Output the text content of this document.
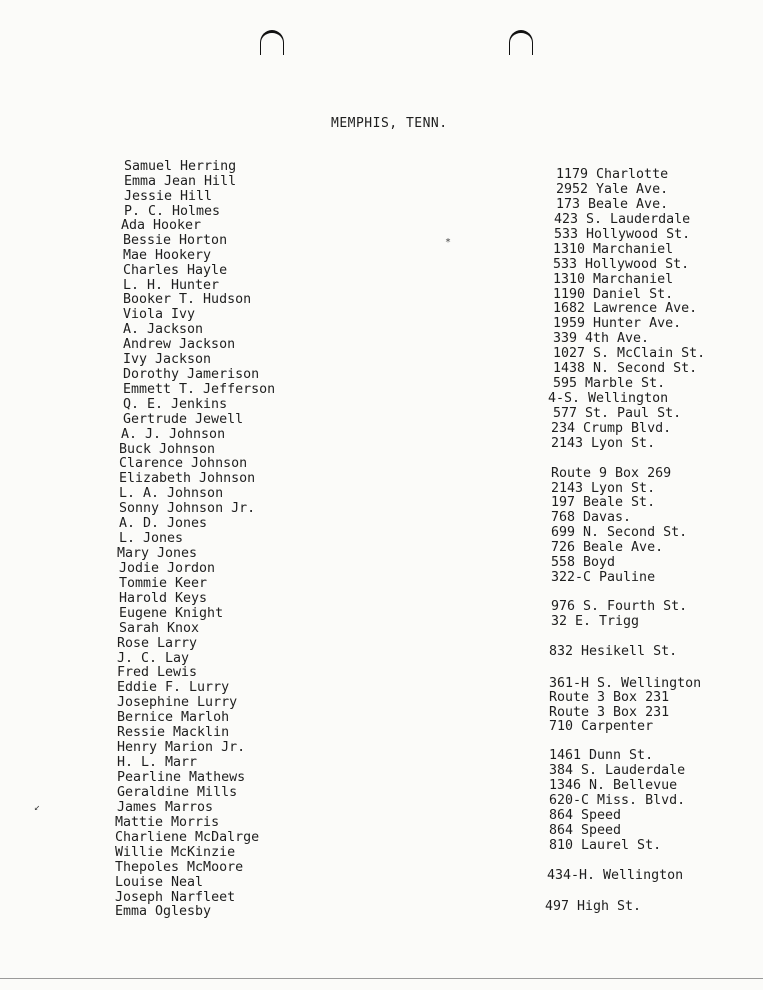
MEMPHIS, TENN.
*
↙
Samuel Herring
Emma Jean Hill
Jessie Hill
P. C. Holmes
Ada Hooker
Bessie Horton
Mae Hookery
Charles Hayle
L. H. Hunter
Booker T. Hudson
Viola Ivy
A. Jackson
Andrew Jackson
Ivy Jackson
Dorothy Jamerison
Emmett T. Jefferson
Q. E. Jenkins
Gertrude Jewell
A. J. Johnson
Buck Johnson
Clarence Johnson
Elizabeth Johnson
L. A. Johnson
Sonny Johnson Jr.
A. D. Jones
L. Jones
Mary Jones
Jodie Jordon
Tommie Keer
Harold Keys
Eugene Knight
Sarah Knox
Rose Larry
J. C. Lay
Fred Lewis
Eddie F. Lurry
Josephine Lurry
Bernice Marloh
Ressie Macklin
Henry Marion Jr.
H. L. Marr
Pearline Mathews
Geraldine Mills
James Marros
Mattie Morris
Charliene McDalrge
Willie McKinzie
Thepoles McMoore
Louise Neal
Joseph Narfleet
Emma Oglesby
1179 Charlotte
2952 Yale Ave.
173 Beale Ave.
423 S. Lauderdale
533 Hollywood St.
1310 Marchaniel
533 Hollywood St.
1310 Marchaniel
1190 Daniel St.
1682 Lawrence Ave.
1959 Hunter Ave.
339 4th Ave.
1027 S. McClain St.
1438 N. Second St.
595 Marble St.
4-S. Wellington
577 St. Paul St.
234 Crump Blvd.
2143 Lyon St.
Route 9 Box 269
2143 Lyon St.
197 Beale St.
768 Davas.
699 N. Second St.
726 Beale Ave.
558 Boyd
322-C Pauline
976 S. Fourth St.
32 E. Trigg
832 Hesikell St.
361-H S. Wellington
Route 3 Box 231
Route 3 Box 231
710 Carpenter
1461 Dunn St.
384 S. Lauderdale
1346 N. Bellevue
620-C Miss. Blvd.
864 Speed
864 Speed
810 Laurel St.
434-H. Wellington
497 High St.
